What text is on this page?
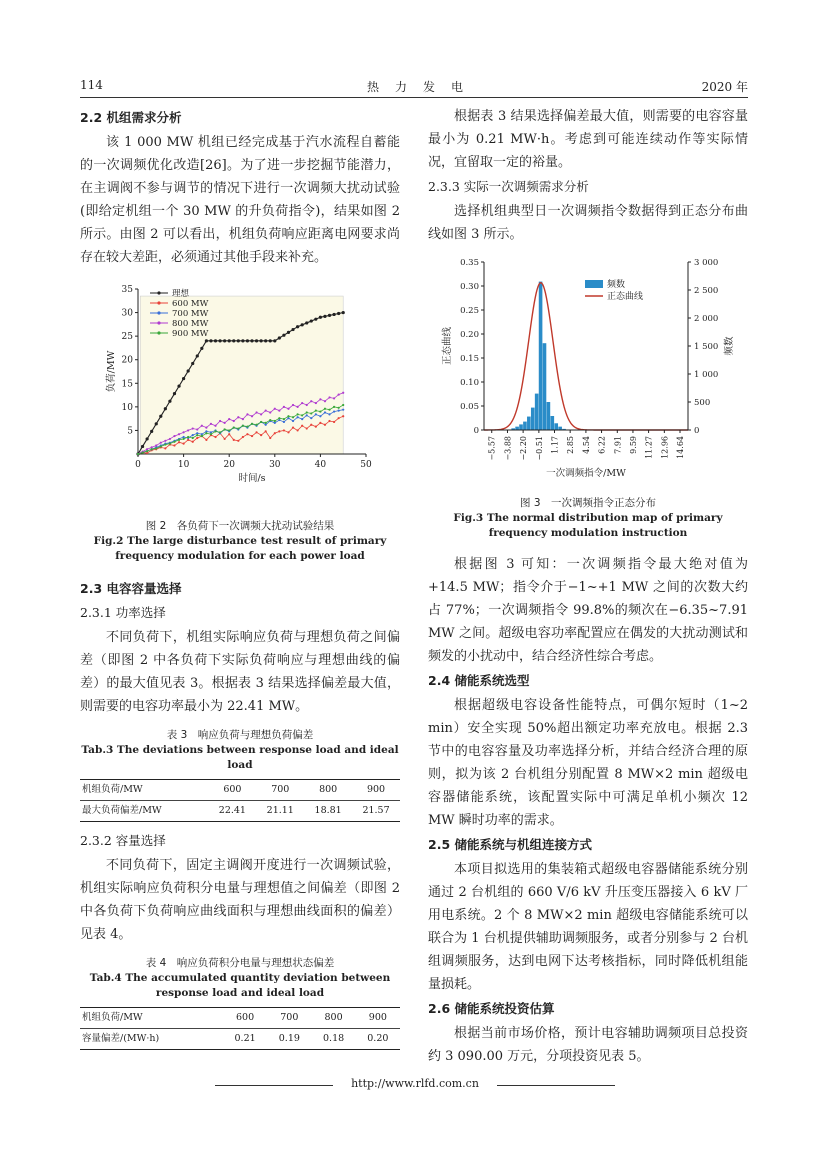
114	热　力　发　电	2020 年
2.2 机组需求分析
该 1 000 MW 机组已经完成基于汽水流程自蓄能的一次调频优化改造[26]。为了进一步挖掘节能潜力，在主调阀不参与调节的情况下进行一次调频大扰动试验(即给定机组一个 30 MW 的升负荷指令)，结果如图 2 所示。由图 2 可以看出，机组负荷响应距离电网要求尚存在较大差距，必须通过其他手段来补充。
0	10	20	30	40	50
5
10
15
20
25
30
35
时间/s
负荷/MW
理想
600 MW
700 MW
800 MW
900 MW
图 2　各负荷下一次调频大扰动试验结果
Fig.2 The large disturbance test result of primary frequency modulation for each power load
2.3 电容容量选择
2.3.1 功率选择
不同负荷下，机组实际响应负荷与理想负荷之间偏差（即图 2 中各负荷下实际负荷响应与理想曲线的偏差）的最大值见表 3。根据表 3 结果选择偏差最大值，则需要的电容功率最小为 22.41 MW。
表 3　响应负荷与理想负荷偏差
Tab.3 The deviations between response load and ideal load
机组负荷/MW	600	700	800	900
最大负荷偏差/MW	22.41	21.11	18.81	21.57
2.3.2 容量选择
不同负荷下，固定主调阀开度进行一次调频试验，机组实际响应负荷积分电量与理想值之间偏差（即图 2 中各负荷下负荷响应曲线面积与理想曲线面积的偏差）见表 4。
表 4　响应负荷积分电量与理想状态偏差
Tab.4 The accumulated quantity deviation between response load and ideal load
机组负荷/MW	600	700	800	900
容量偏差/(MW·h)	0.21	0.19	0.18	0.20
根据表 3 结果选择偏差最大值，则需要的电容容量最小为 0.21 MW·h。考虑到可能连续动作等实际情况，宜留取一定的裕量。
2.3.3 实际一次调频需求分析
选择机组典型日一次调频指令数据得到正态分布曲线如图 3 所示。
0
0.05
0.10
0.15
0.20
0.25
0.30
0.35
0
500
1 000
1 500
2 000
2 500
3 000
−5.57 −3.88 −2.20 −0.51 1.17 2.85 4.54 6.22 7.91 9.59 11.27 12.96 14.64
一次调频指令/MW
正态曲线	频数
频数
正态曲线
图 3　一次调频指令正态分布
Fig.3 The normal distribution map of primary frequency modulation instruction
根据图 3 可知：一次调频指令最大绝对值为 +14.5 MW；指令介于−1~+1 MW 之间的次数大约占 77%；一次调频指令 99.8%的频次在−6.35~7.91 MW 之间。超级电容功率配置应在偶发的大扰动测试和频发的小扰动中，结合经济性综合考虑。
2.4 储能系统选型
根据超级电容设备性能特点，可偶尔短时（1~2 min）安全实现 50%超出额定功率充放电。根据 2.3 节中的电容容量及功率选择分析，并结合经济合理的原则，拟为该 2 台机组分别配置 8 MW×2 min 超级电容器储能系统，该配置实际中可满足单机小频次 12 MW 瞬时功率的需求。
2.5 储能系统与机组连接方式
本项目拟选用的集装箱式超级电容器储能系统分别通过 2 台机组的 660 V/6 kV 升压变压器接入 6 kV 厂用电系统。2 个 8 MW×2 min 超级电容储能系统可以联合为 1 台机提供辅助调频服务，或者分别参与 2 台机组调频服务，达到电网下达考核指标，同时降低机组能量损耗。
2.6 储能系统投资估算
根据当前市场价格，预计电容辅助调频项目总投资约 3 090.00 万元，分项投资见表 5。
http://www.rlfd.com.cn
